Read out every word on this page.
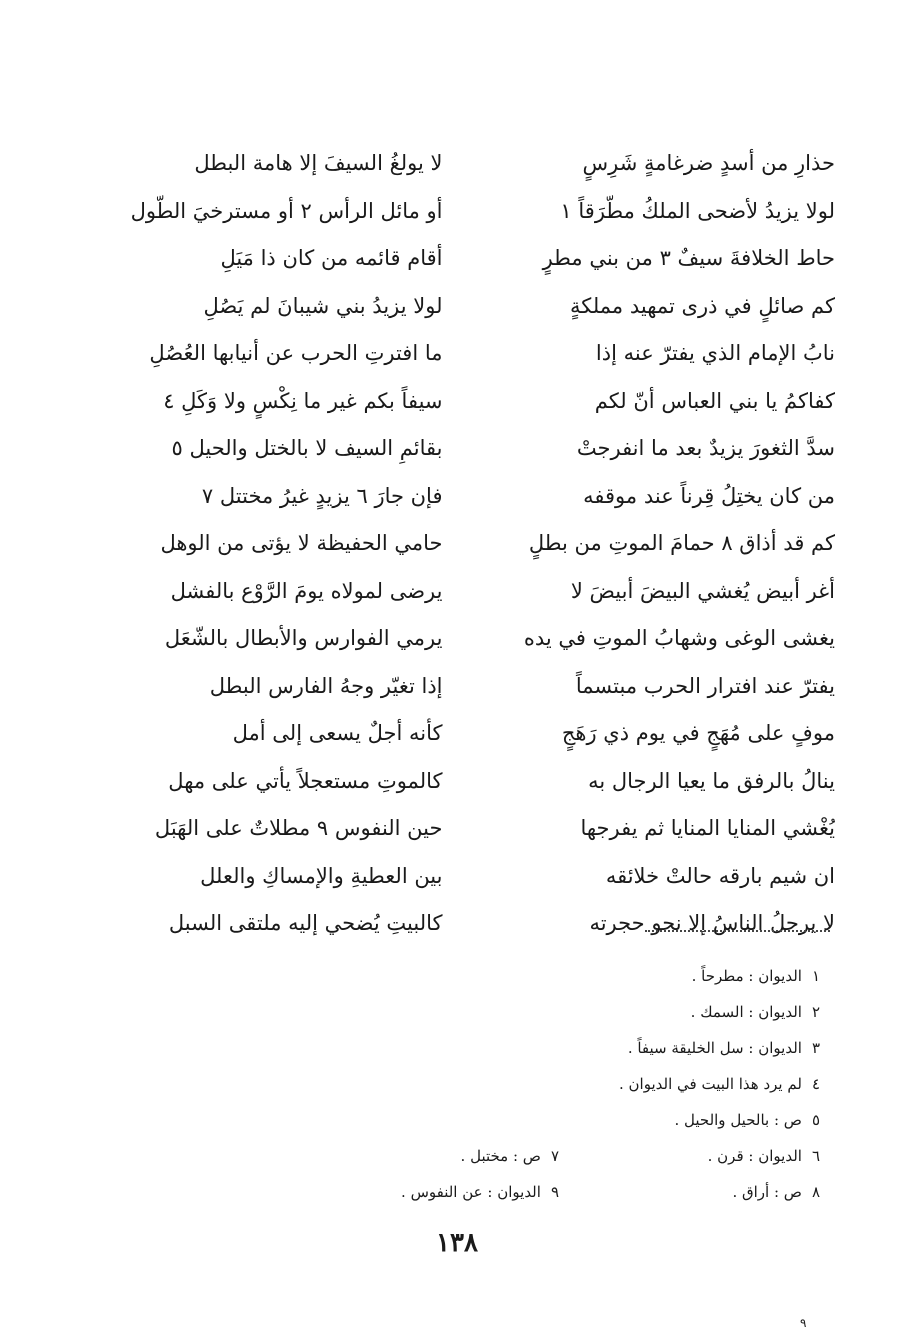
حذارِ من أسدٍ ضرغامةٍ شَرِسٍ
لا يولغُ السيفَ إلا هامة البطل
لولا يزيدُ لأضحى الملكُ مطّرَقاً ١
أو مائل الرأس ٢ أو مسترخيَ الطّول
حاط الخلافةَ سيفٌ ٣ من بني مطرٍ
أقام قائمه من كان ذا مَيَلِ
كم صائلٍ في ذرى تمهيد مملكةٍ
لولا يزيدُ بني شيبانَ لم يَصُلِ
نابُ الإمام الذي يفترّ عنه إذا
ما افترتِ الحرب عن أنيابها العُصُلِ
كفاكمُ يا بني العباس أنّ لكم
سيفاً بكم غير ما نِكْسٍ ولا وَكَلِ ٤
سدَّ الثغورَ يزيدٌ بعد ما انفرجتْ
بقائمِ السيف لا بالختل والحيل ٥
من كان يختِلُ قِرناً عند موقفه
فإن جارَ ٦ يزيدٍ غيرُ مختتل ٧
كم قد أذاق ٨ حمامَ الموتِ من بطلٍ
حامي الحفيظة لا يؤتى من الوهل
أغر أبيض يُغشي البيضَ أبيضَ لا
يرضى لمولاه يومَ الرَّوْع بالفشل
يغشى الوغى وشهابُ الموتِ في يده
يرمي الفوارس والأبطال بالشّعَل
يفترّ عند افترار الحرب مبتسماً
إذا تغيّر وجهُ الفارس البطل
موفٍ على مُهَجٍ في يوم ذي رَهَجٍ
كأنه أجلٌ يسعى إلى أمل
ينالُ بالرفق ما يعيا الرجال به
كالموتِ مستعجلاً يأتي على مهل
يُغْشي المنايا المنايا ثم يفرجها
حين النفوس ٩ مطلاتٌ على الهَبَل
ان شيم بارقه حالتْ خلائقه
بين العطيةِ والإمساكِ والعلل
لا يرحلُ الناسُ إلا نحو حجرته
كالبيتِ يُضحي إليه ملتقى السبل
١الديوان : مطرحاً .
٢الديوان : السمك .
٣الديوان : سل الخليقة سيفاً .
٤لم يرد هذا البيت في الديوان .
٥ص : بالحيل والحيل .
٦الديوان : قرن .
٨ص : أراق .
٧ص : مختبل .
٩الديوان : عن النفوس .
١٣٨
٩
